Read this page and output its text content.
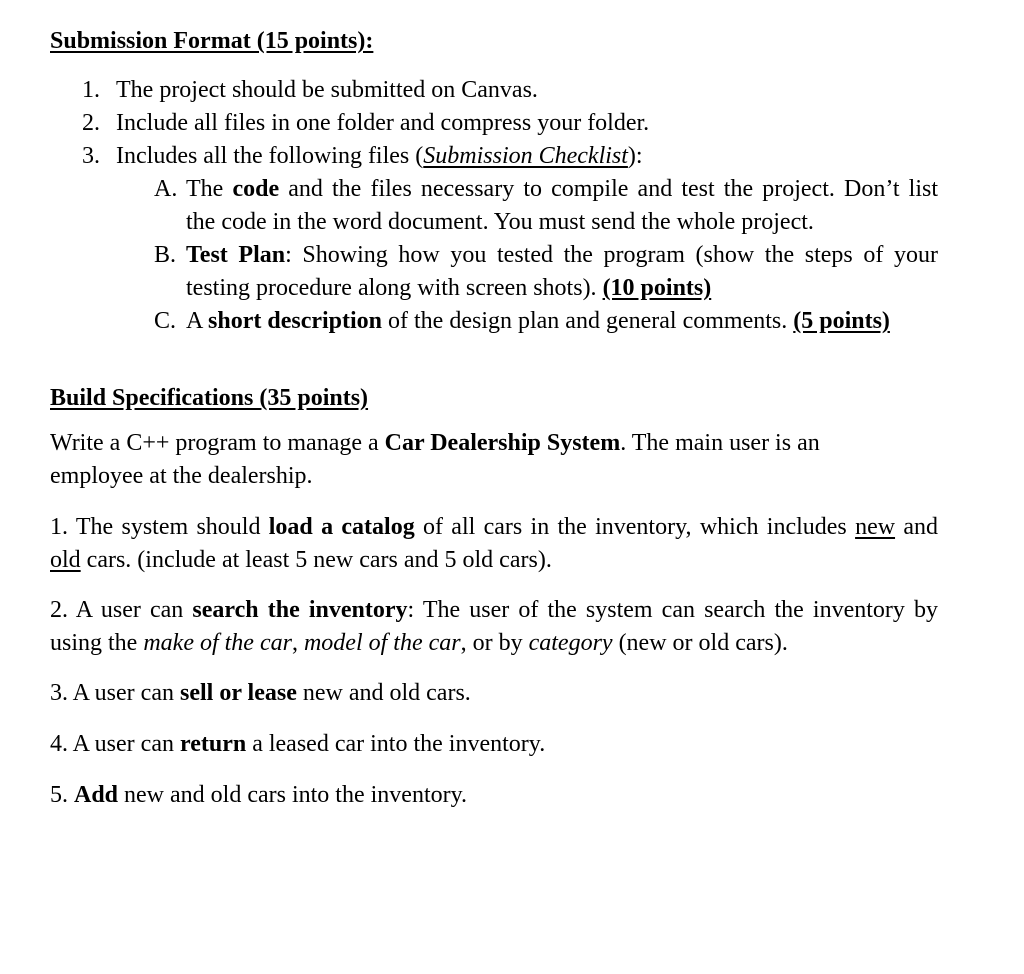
Submission Format (15 points):
1. The project should be submitted on Canvas.
2. Include all files in one folder and compress your folder.
3. Includes all the following files (Submission Checklist):
A. The code and the files necessary to compile and test the project. Don’t list
the code in the word document. You must send the whole project.
B. Test Plan: Showing how you tested the program (show the steps of your
testing procedure along with screen shots). (10 points)
C. A short description of the design plan and general comments. (5 points)
Build Specifications (35 points)
Write a C++ program to manage a Car Dealership System. The main user is an
employee at the dealership.
1. The system should load a catalog of all cars in the inventory, which includes new and
old cars. (include at least 5 new cars and 5 old cars).
2. A user can search the inventory: The user of the system can search the inventory by
using the make of the car, model of the car, or by category (new or old cars).
3. A user can sell or lease new and old cars.
4. A user can return a leased car into the inventory.
5. Add new and old cars into the inventory.
